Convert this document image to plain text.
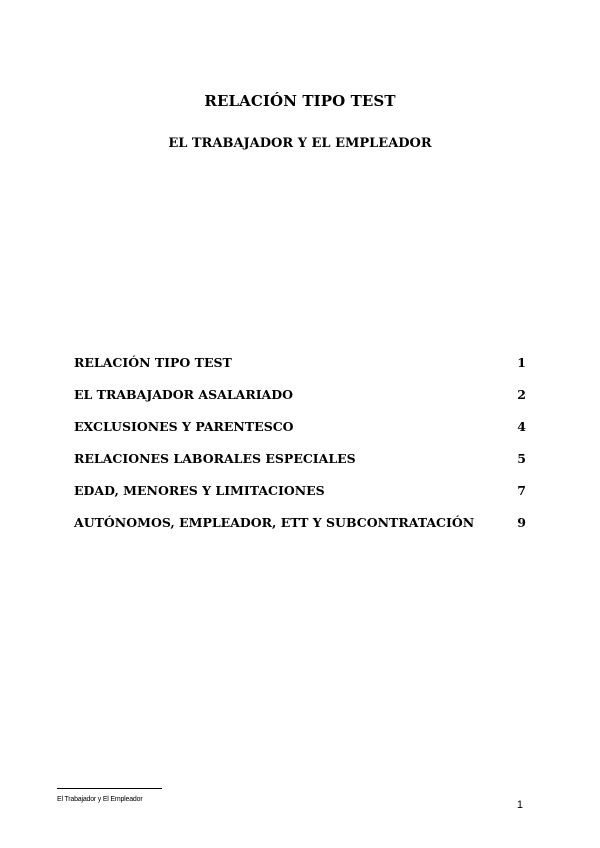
RELACIÓN TIPO TEST
EL TRABAJADOR Y EL EMPLEADOR
RELACIÓN TIPO TEST	1
EL TRABAJADOR ASALARIADO	2
EXCLUSIONES Y PARENTESCO	4
RELACIONES LABORALES ESPECIALES	5
EDAD, MENORES Y LIMITACIONES	7
AUTÓNOMOS, EMPLEADOR, ETT Y SUBCONTRATACIÓN	9
El Trabajador y El Empleador	1
